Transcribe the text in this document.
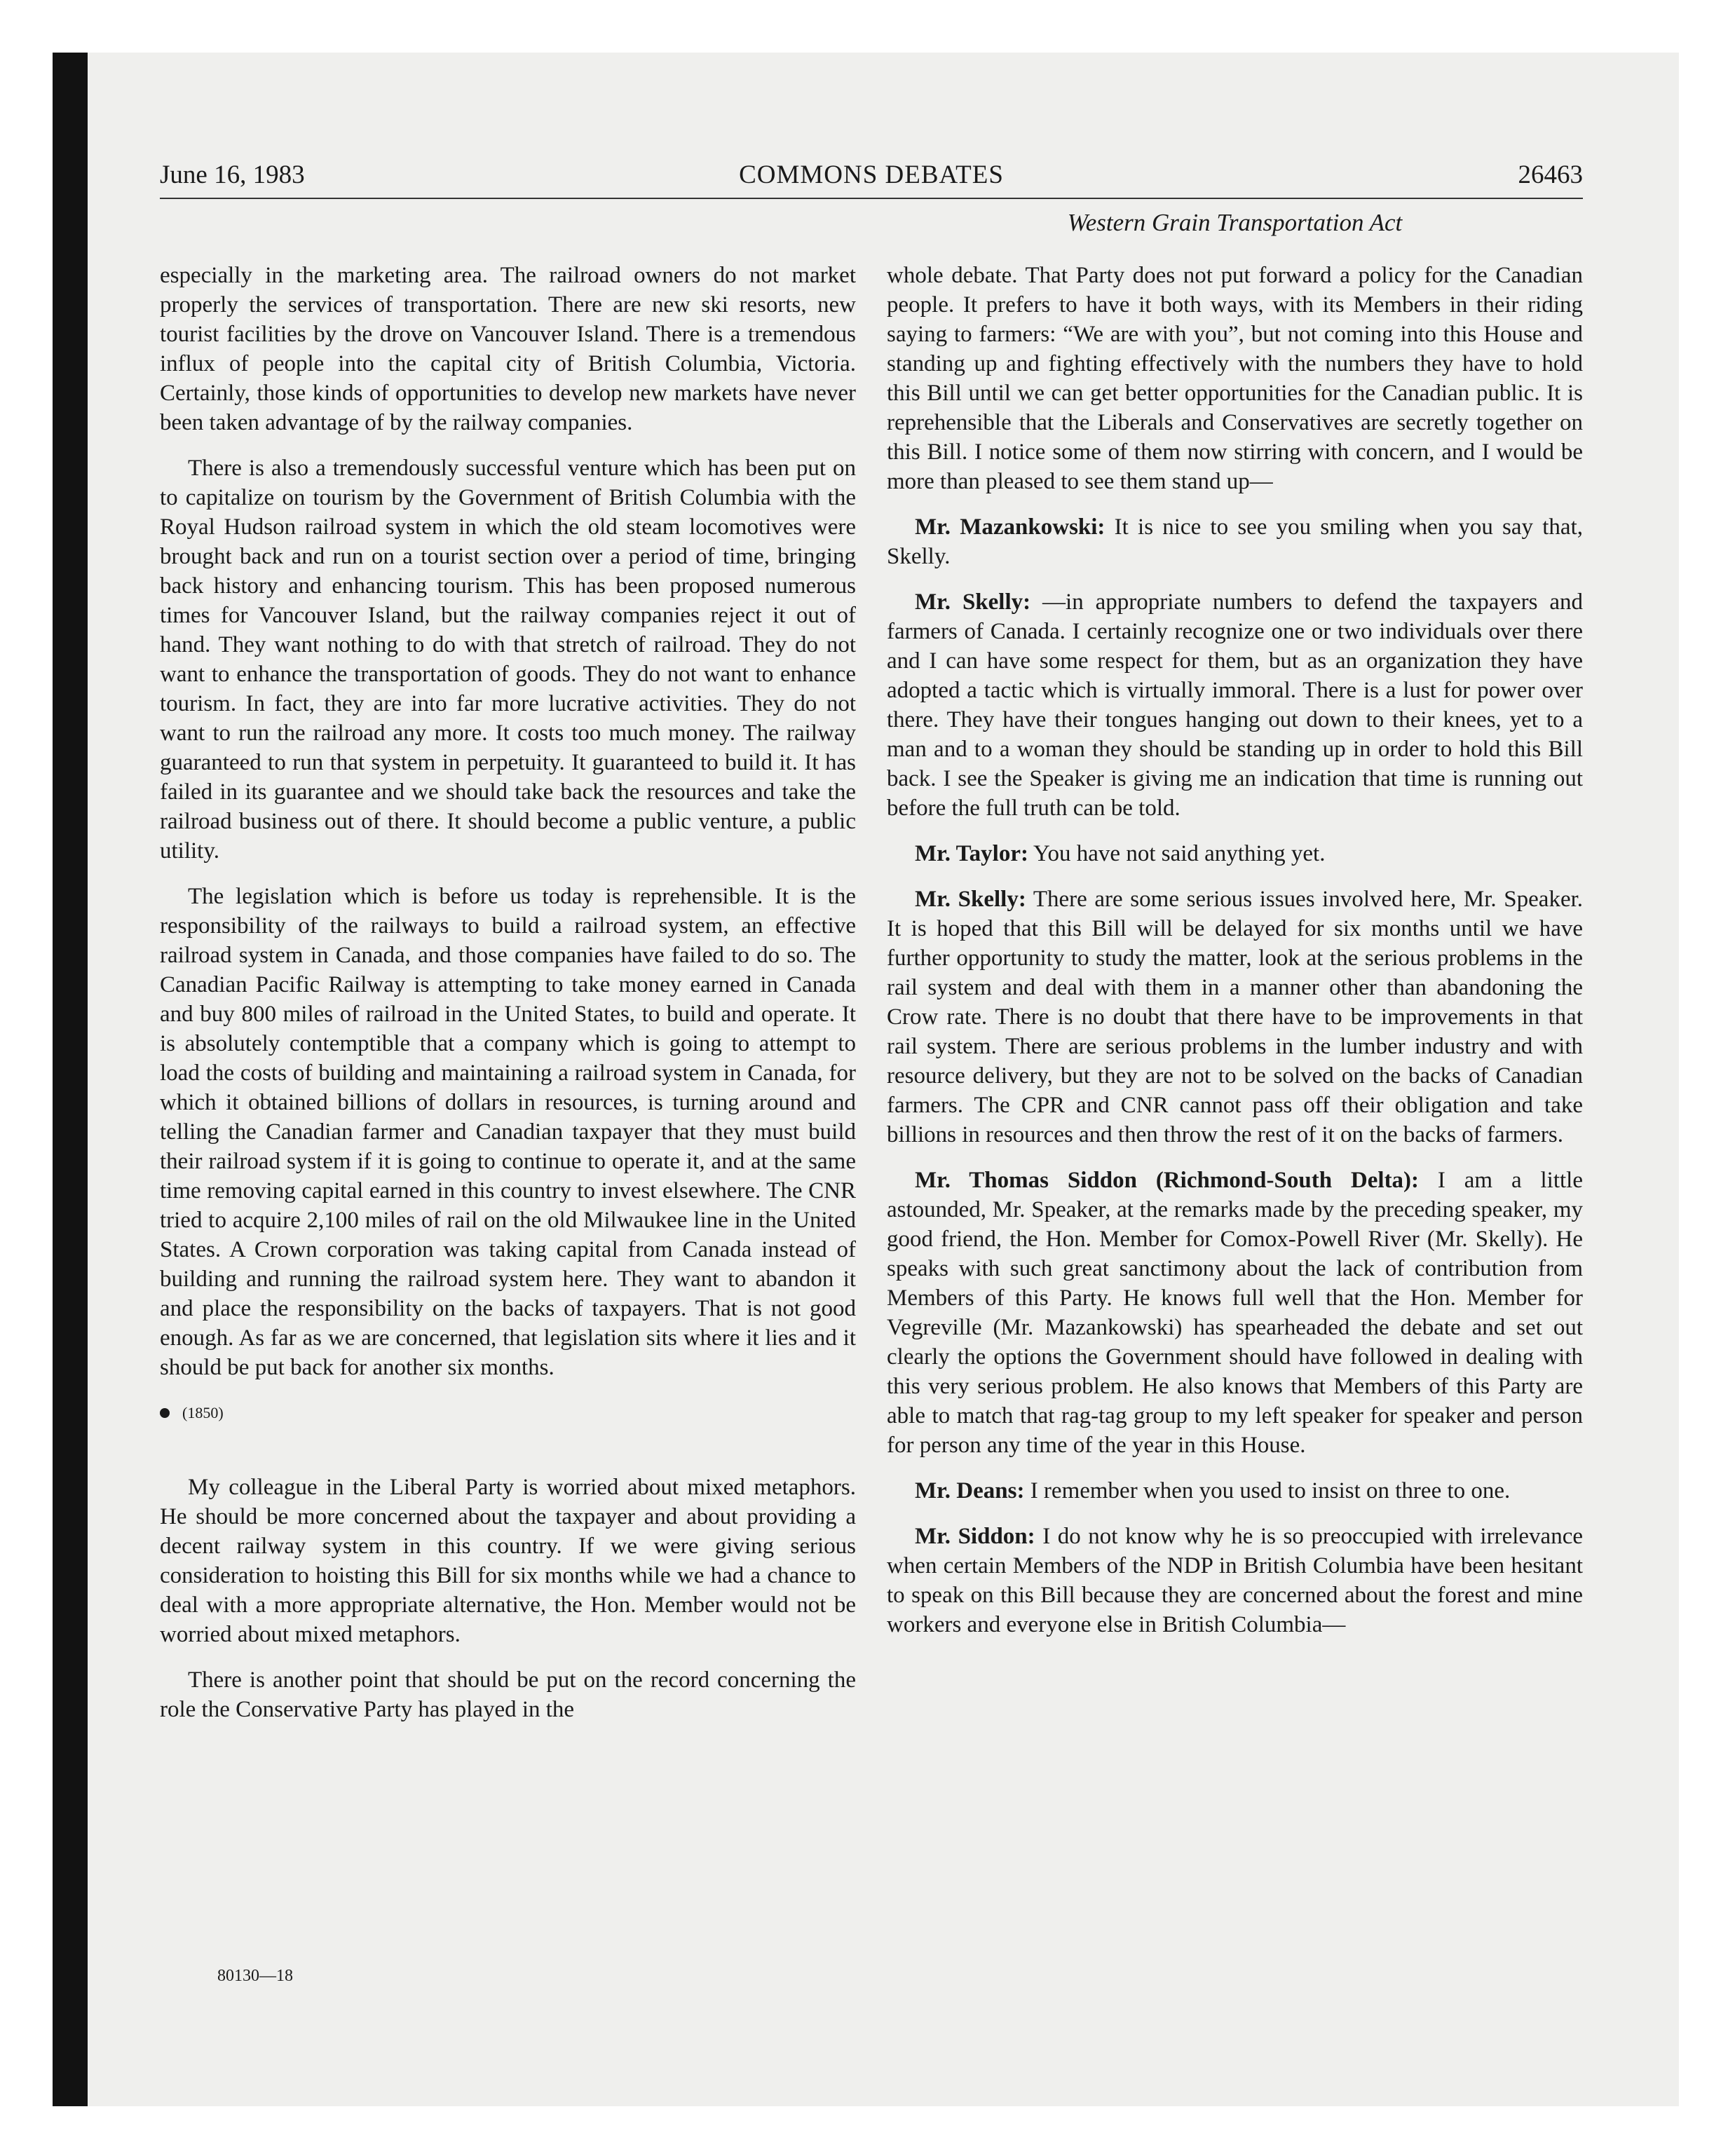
June 16, 1983	COMMONS DEBATES	26463
Western Grain Transportation Act

especially in the marketing area. The railroad owners do not market properly the services of transportation. There are new ski resorts, new tourist facilities by the drove on Vancouver Island. There is a tremendous influx of people into the capital city of British Columbia, Victoria. Certainly, those kinds of opportunities to develop new markets have never been taken advantage of by the railway companies.

There is also a tremendously successful venture which has been put on to capitalize on tourism by the Government of British Columbia with the Royal Hudson railroad system in which the old steam locomotives were brought back and run on a tourist section over a period of time, bringing back history and enhancing tourism. This has been proposed numerous times for Vancouver Island, but the railway companies reject it out of hand. They want nothing to do with that stretch of railroad. They do not want to enhance the transportation of goods. They do not want to enhance tourism. In fact, they are into far more lucrative activities. They do not want to run the railroad any more. It costs too much money. The railway guaranteed to run that system in perpetuity. It guaranteed to build it. It has failed in its guarantee and we should take back the resources and take the railroad business out of there. It should become a public venture, a public utility.

The legislation which is before us today is reprehensible. It is the responsibility of the railways to build a railroad system, an effective railroad system in Canada, and those companies have failed to do so. The Canadian Pacific Railway is attempting to take money earned in Canada and buy 800 miles of railroad in the United States, to build and operate. It is absolutely contemptible that a company which is going to attempt to load the costs of building and maintaining a railroad system in Canada, for which it obtained billions of dollars in resources, is turning around and telling the Canadian farmer and Canadian taxpayer that they must build their railroad system if it is going to continue to operate it, and at the same time removing capital earned in this country to invest elsewhere. The CNR tried to acquire 2,100 miles of rail on the old Milwaukee line in the United States. A Crown corporation was taking capital from Canada instead of building and running the railroad system here. They want to abandon it and place the responsibility on the backs of taxpayers. That is not good enough. As far as we are concerned, that legislation sits where it lies and it should be put back for another six months.

(1850)

My colleague in the Liberal Party is worried about mixed metaphors. He should be more concerned about the taxpayer and about providing a decent railway system in this country. If we were giving serious consideration to hoisting this Bill for six months while we had a chance to deal with a more appropriate alternative, the Hon. Member would not be worried about mixed metaphors.

There is another point that should be put on the record concerning the role the Conservative Party has played in the

whole debate. That Party does not put forward a policy for the Canadian people. It prefers to have it both ways, with its Members in their riding saying to farmers: “We are with you”, but not coming into this House and standing up and fighting effectively with the numbers they have to hold this Bill until we can get better opportunities for the Canadian public. It is reprehensible that the Liberals and Conservatives are secretly together on this Bill. I notice some of them now stirring with concern, and I would be more than pleased to see them stand up—

Mr. Mazankowski: It is nice to see you smiling when you say that, Skelly.

Mr. Skelly: —in appropriate numbers to defend the taxpayers and farmers of Canada. I certainly recognize one or two individuals over there and I can have some respect for them, but as an organization they have adopted a tactic which is virtually immoral. There is a lust for power over there. They have their tongues hanging out down to their knees, yet to a man and to a woman they should be standing up in order to hold this Bill back. I see the Speaker is giving me an indication that time is running out before the full truth can be told.

Mr. Taylor: You have not said anything yet.

Mr. Skelly: There are some serious issues involved here, Mr. Speaker. It is hoped that this Bill will be delayed for six months until we have further opportunity to study the matter, look at the serious problems in the rail system and deal with them in a manner other than abandoning the Crow rate. There is no doubt that there have to be improvements in that rail system. There are serious problems in the lumber industry and with resource delivery, but they are not to be solved on the backs of Canadian farmers. The CPR and CNR cannot pass off their obligation and take billions in resources and then throw the rest of it on the backs of farmers.

Mr. Thomas Siddon (Richmond-South Delta): I am a little astounded, Mr. Speaker, at the remarks made by the preceding speaker, my good friend, the Hon. Member for Comox-Powell River (Mr. Skelly). He speaks with such great sanctimony about the lack of contribution from Members of this Party. He knows full well that the Hon. Member for Vegreville (Mr. Mazankowski) has spearheaded the debate and set out clearly the options the Government should have followed in dealing with this very serious problem. He also knows that Members of this Party are able to match that rag-tag group to my left speaker for speaker and person for person any time of the year in this House.

Mr. Deans: I remember when you used to insist on three to one.

Mr. Siddon: I do not know why he is so preoccupied with irrelevance when certain Members of the NDP in British Columbia have been hesitant to speak on this Bill because they are concerned about the forest and mine workers and everyone else in British Columbia—

80130—18
